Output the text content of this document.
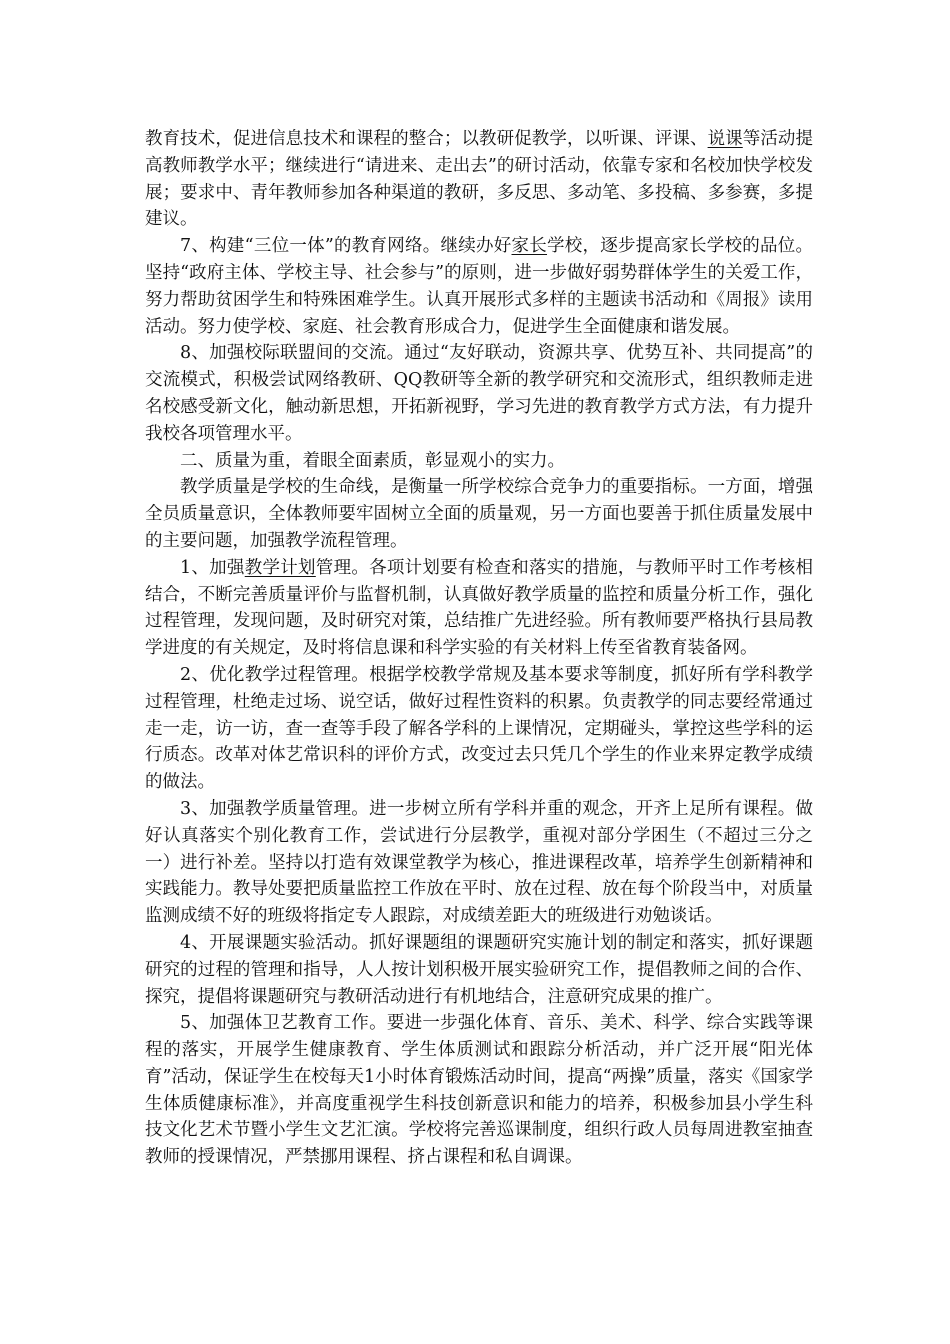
教育技术，促进信息技术和课程的整合；以教研促教学，以听课、评课、说课等活动提高教师教学水平；继续进行“请进来、走出去”的研讨活动，依靠专家和名校加快学校发展；要求中、青年教师参加各种渠道的教研，多反思、多动笔、多投稿、多参赛，多提建议。

7、构建“三位一体”的教育网络。继续办好家长学校，逐步提高家长学校的品位。坚持“政府主体、学校主导、社会参与”的原则，进一步做好弱势群体学生的关爱工作，努力帮助贫困学生和特殊困难学生。认真开展形式多样的主题读书活动和《周报》读用活动。努力使学校、家庭、社会教育形成合力，促进学生全面健康和谐发展。

8、加强校际联盟间的交流。通过“友好联动，资源共享、优势互补、共同提高”的交流模式，积极尝试网络教研、QQ教研等全新的教学研究和交流形式，组织教师走进名校感受新文化，触动新思想，开拓新视野，学习先进的教育教学方式方法，有力提升我校各项管理水平。

二、质量为重，着眼全面素质，彰显观小的实力。

教学质量是学校的生命线，是衡量一所学校综合竞争力的重要指标。一方面，增强全员质量意识，全体教师要牢固树立全面的质量观，另一方面也要善于抓住质量发展中的主要问题，加强教学流程管理。

1、加强教学计划管理。各项计划要有检查和落实的措施，与教师平时工作考核相结合，不断完善质量评价与监督机制，认真做好教学质量的监控和质量分析工作，强化过程管理，发现问题，及时研究对策，总结推广先进经验。所有教师要严格执行县局教学进度的有关规定，及时将信息课和科学实验的有关材料上传至省教育装备网。

2、优化教学过程管理。根据学校教学常规及基本要求等制度，抓好所有学科教学过程管理，杜绝走过场、说空话，做好过程性资料的积累。负责教学的同志要经常通过走一走，访一访，查一查等手段了解各学科的上课情况，定期碰头，掌控这些学科的运行质态。改革对体艺常识科的评价方式，改变过去只凭几个学生的作业来界定教学成绩的做法。

3、加强教学质量管理。进一步树立所有学科并重的观念，开齐上足所有课程。做好认真落实个别化教育工作，尝试进行分层教学，重视对部分学困生（不超过三分之一）进行补差。坚持以打造有效课堂教学为核心，推进课程改革，培养学生创新精神和实践能力。教导处要把质量监控工作放在平时、放在过程、放在每个阶段当中，对质量监测成绩不好的班级将指定专人跟踪，对成绩差距大的班级进行劝勉谈话。

4、开展课题实验活动。抓好课题组的课题研究实施计划的制定和落实，抓好课题研究的过程的管理和指导，人人按计划积极开展实验研究工作，提倡教师之间的合作、探究，提倡将课题研究与教研活动进行有机地结合，注意研究成果的推广。

5、加强体卫艺教育工作。要进一步强化体育、音乐、美术、科学、综合实践等课程的落实，开展学生健康教育、学生体质测试和跟踪分析活动，并广泛开展“阳光体育”活动，保证学生在校每天1小时体育锻炼活动时间，提高“两操”质量，落实《国家学生体质健康标准》，并高度重视学生科技创新意识和能力的培养，积极参加县小学生科技文化艺术节暨小学生文艺汇演。学校将完善巡课制度，组织行政人员每周进教室抽查教师的授课情况，严禁挪用课程、挤占课程和私自调课。
